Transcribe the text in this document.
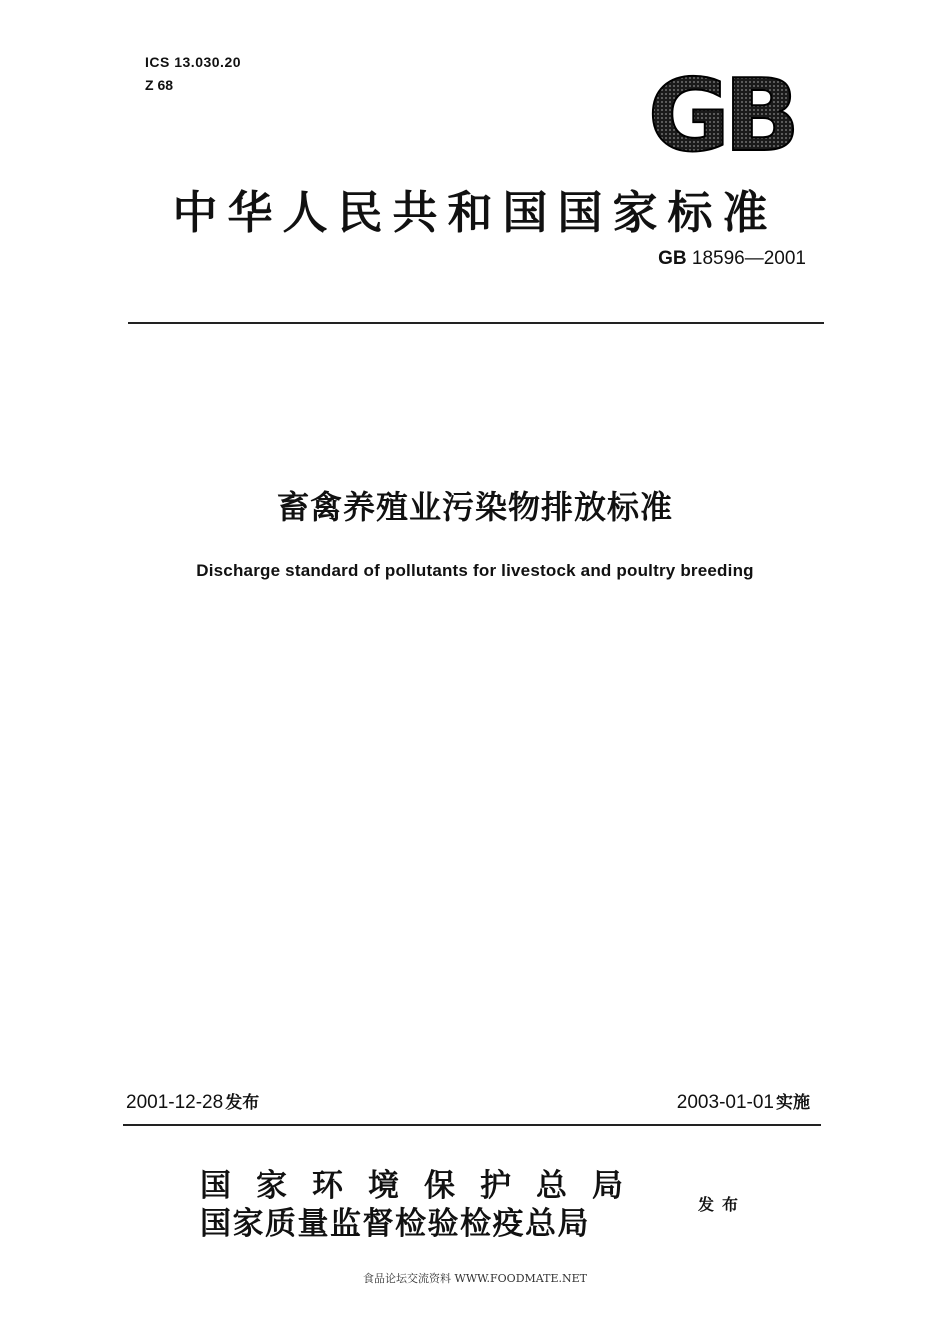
ICS 13.030.20
Z 68	GB
中华人民共和国国家标准
GB 18596—2001
畜禽养殖业污染物排放标准
Discharge standard of pollutants for livestock and poultry breeding
2001-12-28 发布	2003-01-01 实施
国家环境保护总局
国家质量监督检验检疫总局
发布
食品论坛交流资料 WWW.FOODMATE.NET
